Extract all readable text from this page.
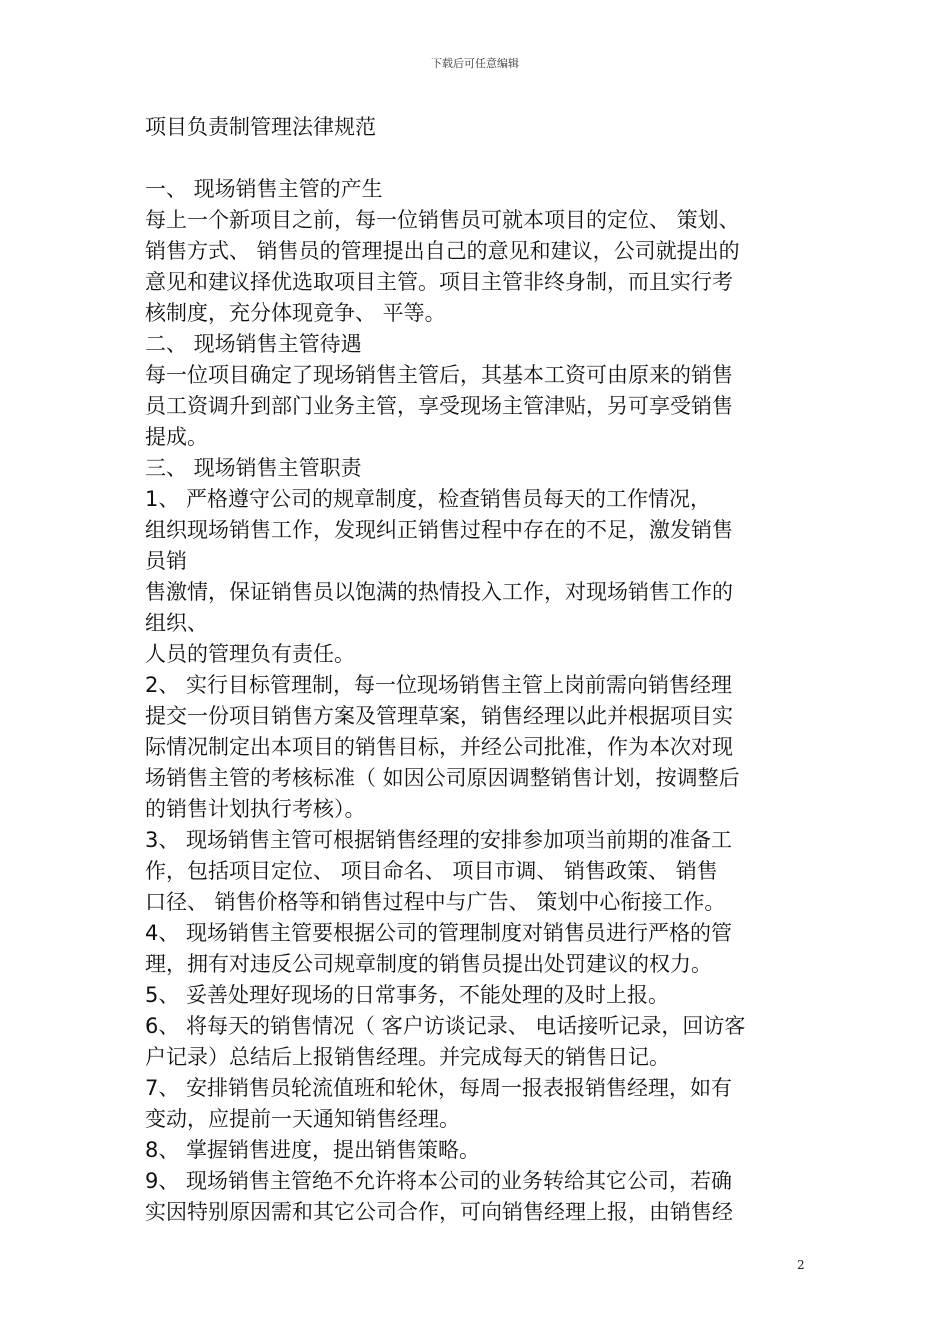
下载后可任意编辑
项目负责制管理法律规范
一、 现场销售主管的产生
每上一个新项目之前，每一位销售员可就本项目的定位、 策划、
销售方式、 销售员的管理提出自己的意见和建议，公司就提出的
意见和建议择优选取项目主管。项目主管非终身制，而且实行考
核制度，充分体现竟争、 平等。
二、 现场销售主管待遇
每一位项目确定了现场销售主管后，其基本工资可由原来的销售
员工资调升到部门业务主管，享受现场主管津贴，另可享受销售
提成。
三、 现场销售主管职责
1、 严格遵守公司的规章制度，检查销售员每天的工作情况，
组织现场销售工作，发现纠正销售过程中存在的不足，激发销售
员销
售激情，保证销售员以饱满的热情投入工作，对现场销售工作的
组织、
人员的管理负有责任。
2、 实行目标管理制，每一位现场销售主管上岗前需向销售经理
提交一份项目销售方案及管理草案，销售经理以此并根据项目实
际情况制定出本项目的销售目标，并经公司批准，作为本次对现
场销售主管的考核标准（ 如因公司原因调整销售计划，按调整后
的销售计划执行考核）。
3、 现场销售主管可根据销售经理的安排参加项当前期的准备工
作，包括项目定位、 项目命名、 项目市调、 销售政策、 销售
口径、 销售价格等和销售过程中与广告、 策划中心衔接工作。
4、 现场销售主管要根据公司的管理制度对销售员进行严格的管
理，拥有对违反公司规章制度的销售员提出处罚建议的权力。
5、 妥善处理好现场的日常事务，不能处理的及时上报。
6、 将每天的销售情况（ 客户访谈记录、 电话接听记录，回访客
户记录）总结后上报销售经理。并完成每天的销售日记。
7、 安排销售员轮流值班和轮休，每周一报表报销售经理，如有
变动，应提前一天通知销售经理。
8、 掌握销售进度，提出销售策略。
9、 现场销售主管绝不允许将本公司的业务转给其它公司，若确
实因特别原因需和其它公司合作，可向销售经理上报，由销售经
2
